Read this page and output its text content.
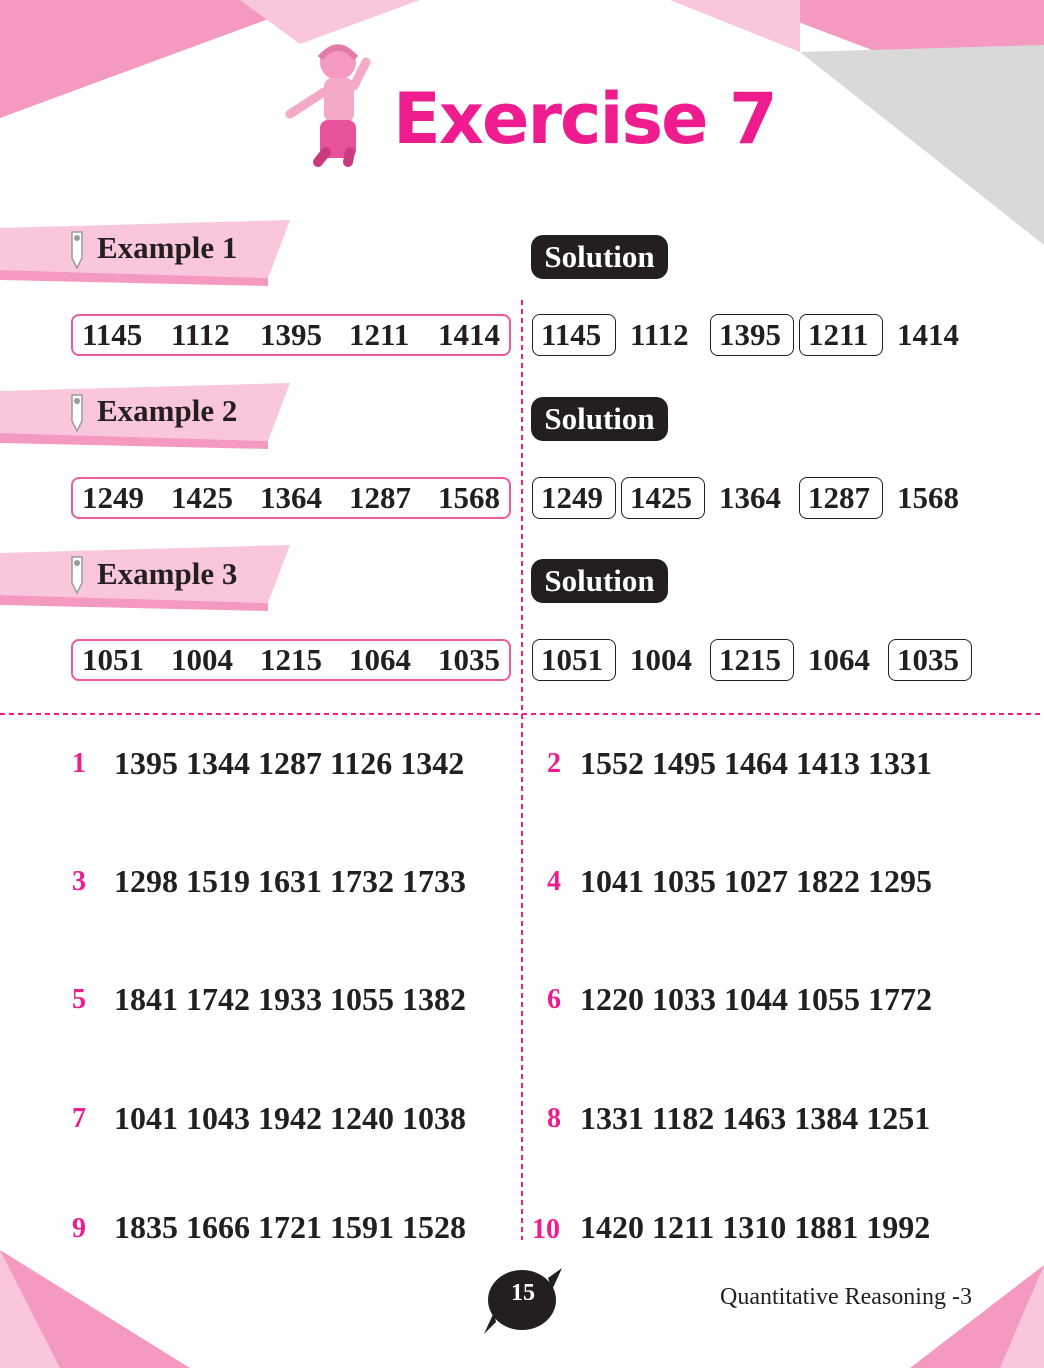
Exercise 7
Example 1
Example 2
Example 3
Solution
Solution
Solution
1145	1145
1112	1112
1395	1395
1211	1211
1414	1414
1249	1249
1425	1425
1364	1364
1287	1287
1568	1568
1051	1051
1004	1004
1215	1215
1064	1064
1035	1035
1 1395 1344 1287 1126 1342	2 1552 1495 1464 1413 1331
3 1298 1519 1631 1732 1733	4 1041 1035 1027 1822 1295
5 1841 1742 1933 1055 1382	6 1220 1033 1044 1055 1772
7 1041 1043 1942 1240 1038	8 1331 1182 1463 1384 1251
9 1835 1666 1721 1591 1528 10 1420 1211 1310 1881 1992
15	Quantitative Reasoning -3
